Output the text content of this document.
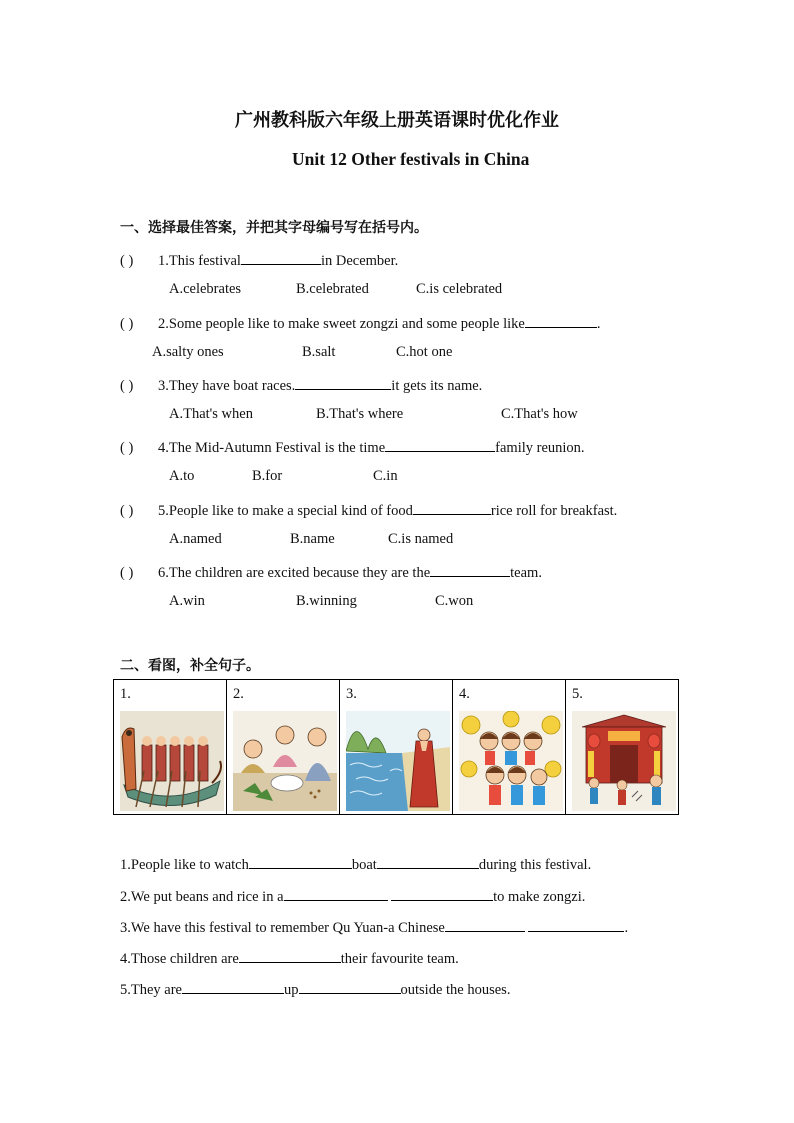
广州教科版六年级上册英语课时优化作业
Unit 12 Other festivals in China
一、选择最佳答案，并把其字母编号写在括号内。
( ) 1.This festival	in December.
A.celebrates	B.celebrated	C.is celebrated
( ) 2.Some people like to make sweet zongzi and some people like	.
A.salty ones	B.salt	C.hot one
( ) 3.They have boat races.	it gets its name.
A.That's when	B.That's where	C.That's how
( ) 4.The Mid-Autumn Festival is the time	family reunion.
A.to	B.for	C.in
( ) 5.People like to make a special kind of food	rice roll for breakfast.
A.named	B.name	C.is named
( ) 6.The children are excited because they are the	team.
A.win	B.winning	C.won
二、看图，补全句子。
1.	2.	3.	4.	5.
1.People like to watch	boat	during this festival.
2.We put beans and rice in a	to make zongzi.
3.We have this festival to remember Qu Yuan-a Chinese	.
4.Those children are	their favourite team.
5.They are	up	outside the houses.
